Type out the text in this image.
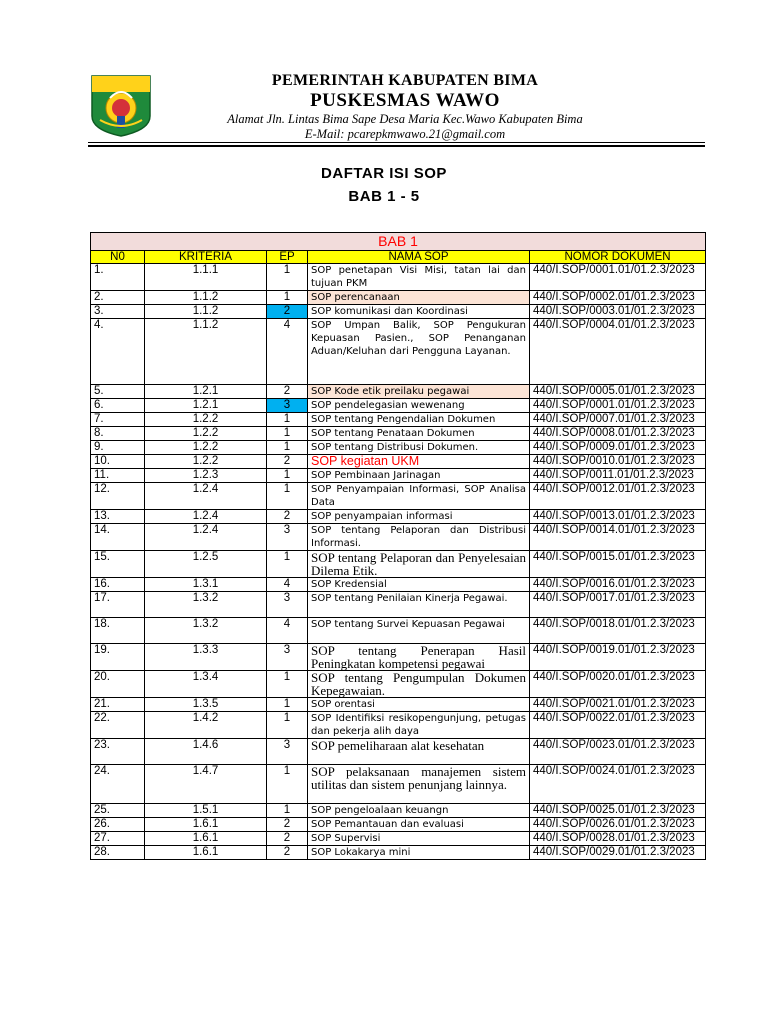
PEMERINTAH KABUPATEN BIMA
PUSKESMAS WAWO
Alamat Jln. Lintas Bima Sape Desa Maria Kec.Wawo Kabupaten Bima
E-Mail: pcarepkmwawo.21@gmail.com
DAFTAR ISI SOP
BAB 1 - 5
BAB 1				
N0	KRITERIA	EP	NAMA SOP	NOMOR DOKUMEN
1.	1.1.1	1	SOP penetapan Visi Misi, tatan lai dan tujuan PKM	440/I.SOP/0001.01/01.2.3/2023
2.	1.1.2	1	SOP perencanaan	440/I.SOP/0002.01/01.2.3/2023
3.	1.1.2	2	SOP komunikasi dan Koordinasi	440/I.SOP/0003.01/01.2.3/2023
4.	1.1.2	4	SOP Umpan Balik, SOP Pengukuran Kepuasan Pasien., SOP Penanganan Aduan/Keluhan dari Pengguna Layanan.	440/I.SOP/0004.01/01.2.3/2023
5.	1.2.1	2	SOP Kode etik preilaku pegawai	440/I.SOP/0005.01/01.2.3/2023
6.	1.2.1	3	SOP pendelegasian wewenang	440/I.SOP/0001.01/01.2.3/2023
7.	1.2.2	1	SOP tentang Pengendalian Dokumen	440/I.SOP/0007.01/01.2.3/2023
8.	1.2.2	1	SOP tentang Penataan Dokumen	440/I.SOP/0008.01/01.2.3/2023
9.	1.2.2	1	SOP tentang Distribusi Dokumen.	440/I.SOP/0009.01/01.2.3/2023
10.	1.2.2	2	SOP kegiatan UKM	440/I.SOP/0010.01/01.2.3/2023
11.	1.2.3	1	SOP Pembinaan Jarinagan	440/I.SOP/0011.01/01.2.3/2023
12.	1.2.4	1	SOP Penyampaian Informasi, SOP Analisa Data	440/I.SOP/0012.01/01.2.3/2023
13.	1.2.4	2	SOP penyampaian informasi	440/I.SOP/0013.01/01.2.3/2023
14.	1.2.4	3	SOP tentang Pelaporan dan Distribusi Informasi.	440/I.SOP/0014.01/01.2.3/2023
15.	1.2.5	1	SOP tentang Pelaporan dan Penyelesaian Dilema Etik.	440/I.SOP/0015.01/01.2.3/2023
16.	1.3.1	4	SOP Kredensial	440/I.SOP/0016.01/01.2.3/2023
17.	1.3.2	3	SOP tentang Penilaian Kinerja Pegawai.	440/I.SOP/0017.01/01.2.3/2023
18.	1.3.2	4	SOP tentang Survei Kepuasan Pegawai	440/I.SOP/0018.01/01.2.3/2023
19.	1.3.3	3	SOP tentang Penerapan Hasil Peningkatan kompetensi pegawai	440/I.SOP/0019.01/01.2.3/2023
20.	1.3.4	1	SOP tentang Pengumpulan Dokumen Kepegawaian.	440/I.SOP/0020.01/01.2.3/2023
21.	1.3.5	1	SOP orentasi	440/I.SOP/0021.01/01.2.3/2023
22.	1.4.2	1	SOP Identifiksi resikopengunjung, petugas dan pekerja alih daya	440/I.SOP/0022.01/01.2.3/2023
23.	1.4.6	3	SOP pemeliharaan alat kesehatan	440/I.SOP/0023.01/01.2.3/2023
24.	1.4.7	1	SOP pelaksanaan manajemen sistem utilitas dan sistem penunjang lainnya.	440/I.SOP/0024.01/01.2.3/2023
25.	1.5.1	1	SOP pengeloalaan keuangn	440/I.SOP/0025.01/01.2.3/2023
26.	1.6.1	2	SOP Pemantauan dan evaluasi	440/I.SOP/0026.01/01.2.3/2023
27.	1.6.1	2	SOP Supervisi	440/I.SOP/0028.01/01.2.3/2023
28.	1.6.1	2	SOP Lokakarya mini	440/I.SOP/0029.01/01.2.3/2023
